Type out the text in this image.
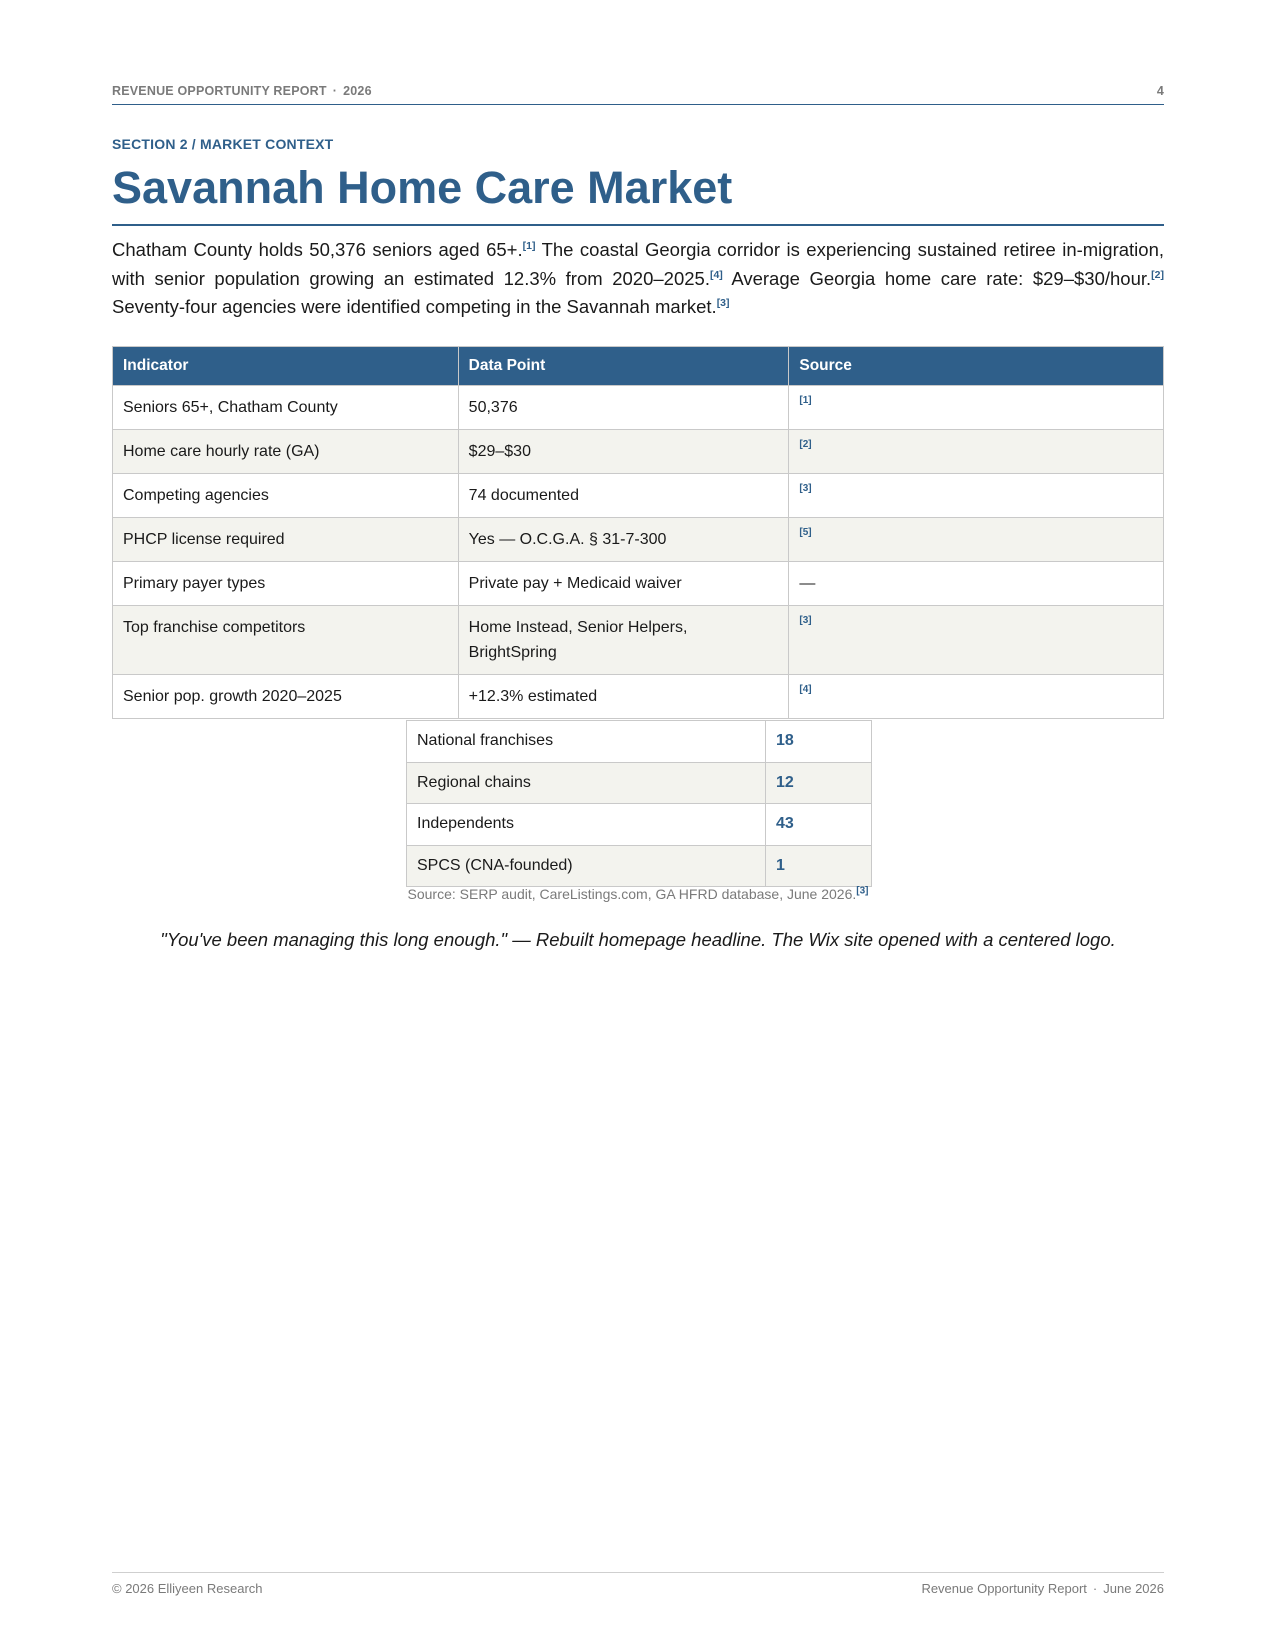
REVENUE OPPORTUNITY REPORT · 2026	4
SECTION 2 / MARKET CONTEXT
Savannah Home Care Market

Chatham County holds 50,376 seniors aged 65+.[1] The coastal Georgia corridor is experiencing sustained retiree in-migration, with senior population growing an estimated 12.3% from 2020–2025.[4] Average Georgia home care rate: $29–$30/hour.[2] Seventy-four agencies were identified competing in the Savannah market.[3]

Indicator	Data Point	Source
Seniors 65+, Chatham County	50,376	[1]
Home care hourly rate (GA)	$29–$30	[2]
Competing agencies	74 documented	[3]
PHCP license required	Yes — O.C.G.A. § 31-7-300	[5]
Primary payer types	Private pay + Medicaid waiver	—
Top franchise competitors	Home Instead, Senior Helpers, BrightSpring	[3]
Senior pop. growth 2020–2025	+12.3% estimated	[4]
National franchises	18
Regional chains	12
Independents	43
SPCS (CNA-founded)	1

Source: SERP audit, CareListings.com, GA HFRD database, June 2026.[3]

"You've been managing this long enough." — Rebuilt homepage headline. The Wix site opened with a centered logo.

© 2026 Elliyeen Research	Revenue Opportunity Report · June 2026
